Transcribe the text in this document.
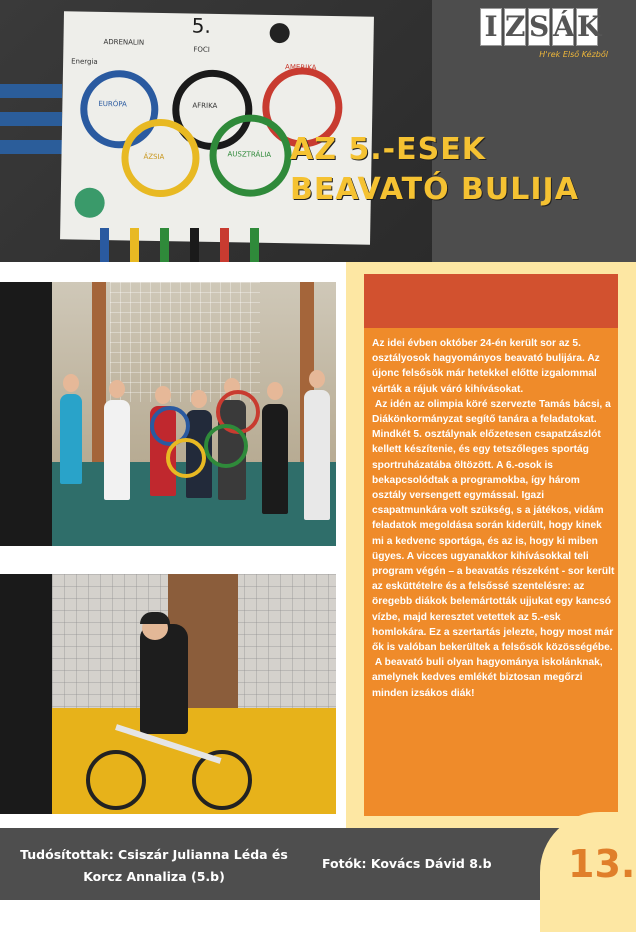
Energia
ADRENALIN
5.
FOCI
EURÓPA	AFRIKA
AMERIKA
ÁZSIA	AUSZTRÁLIA
I Z S Á K
H'rek Első Kézből
AZ 5.-ESEK
BEAVATÓ BULIJA

Az idei évben október 24-én került sor az 5. osztályosok hagyományos beavató bulijára. Az újonc felsősök már hetekkel előtte izgalommal várták a rájuk váró kihívásokat.

Az idén az olimpia köré szervezte Tamás bácsi, a Diákönkormányzat segítő tanára a feladatokat. Mindkét 5. osztálynak előzetesen csapatzászlót kellett készítenie, és egy tetszőleges sportág sportruházatába öltözött. A 6.-osok is bekapcsolódtak a programokba, így három osztály versengett egymással. Igazi csapatmunkára volt szükség, s a játékos, vidám feladatok megoldása során kiderült, hogy kinek mi a kedvenc sportága, és az is, hogy ki miben ügyes. A vicces ugyanakkor kihívásokkal teli program végén – a beavatás részeként - sor került az esküttételre és a felsőssé szentelésre: az öregebb diákok belemártották ujjukat egy kancsó vízbe, majd keresztet vetettek az 5.-esk homlokára. Ez a szertartás jelezte, hogy most már ők is valóban bekerültek a felsősök közösségébe.

A beavató buli olyan hagyománya iskolánknak, amelynek kedves emlékét biztosan megőrzi minden izsákos diák!

Tudósítottak: Csiszár Julianna Léda és
Korcz Annaliza (5.b)
Fotók: Kovács Dávid 8.b 13.
